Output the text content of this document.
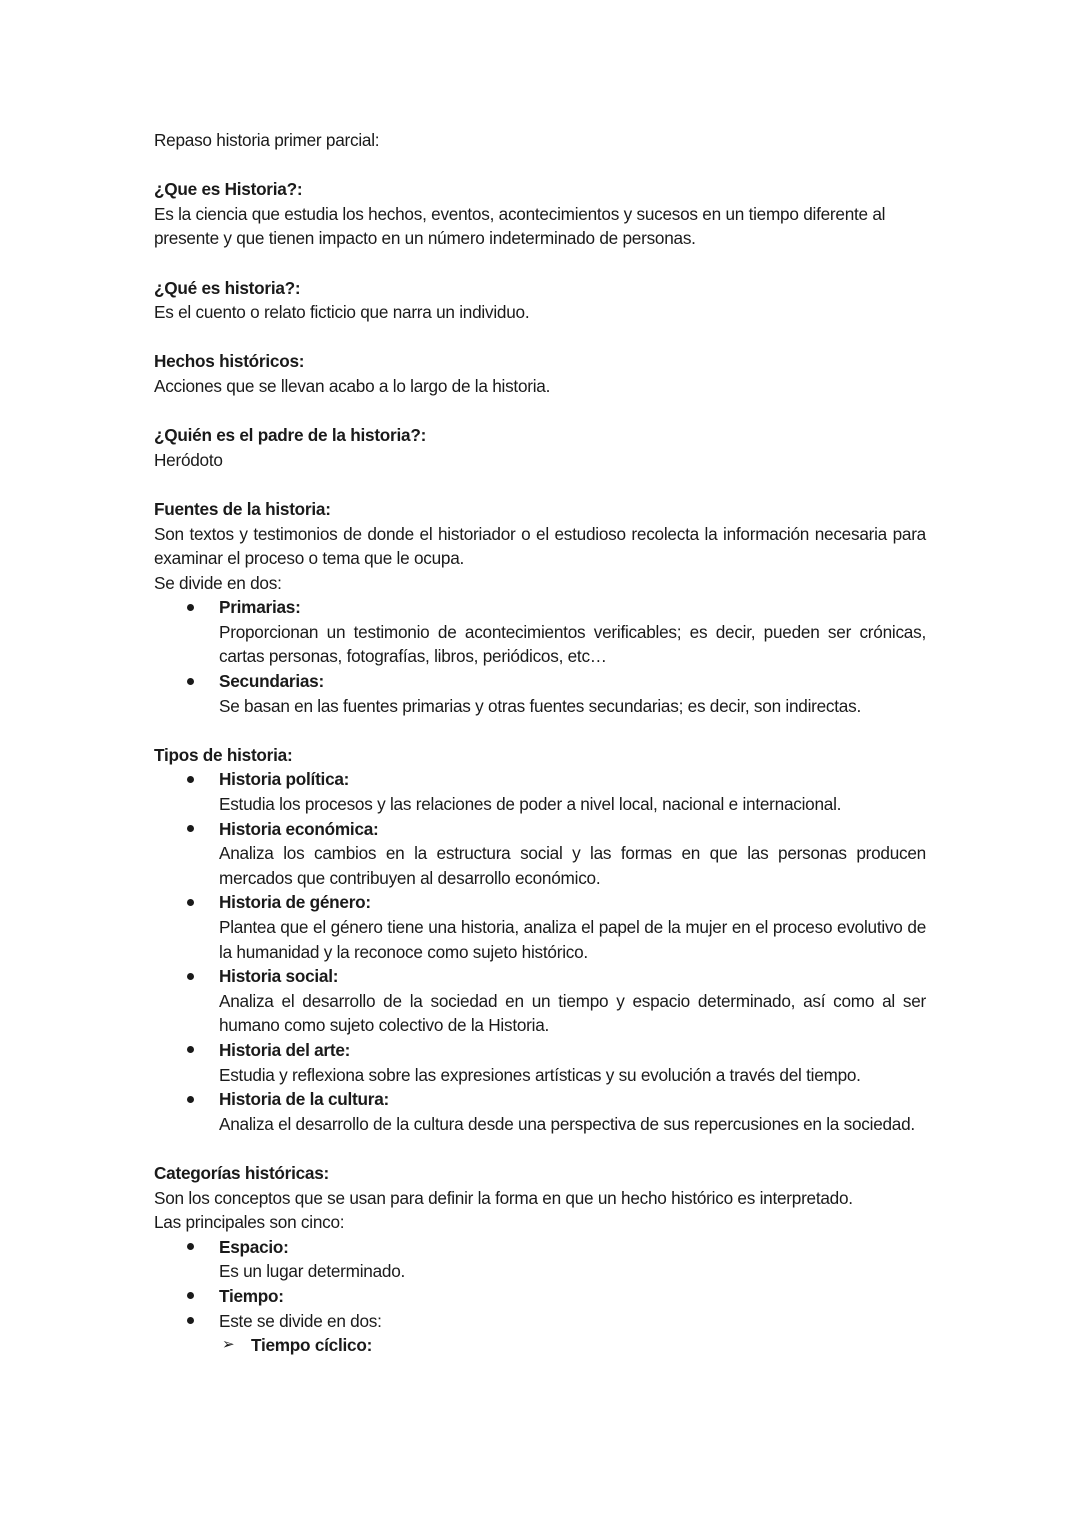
Repaso historia primer parcial:
¿Que es Historia?:
Es la ciencia que estudia los hechos, eventos, acontecimientos y sucesos en un tiempo diferente al presente y que tienen impacto en un número indeterminado de personas.
¿Qué es historia?:
Es el cuento o relato ficticio que narra un individuo.
Hechos históricos:
Acciones que se llevan acabo a lo largo de la historia.
¿Quién es el padre de la historia?:
Heródoto
Fuentes de la historia:
Son textos y testimonios de donde el historiador o el estudioso recolecta la información necesaria para examinar el proceso o tema que le ocupa.
Se divide en dos:
Primarias:
Proporcionan un testimonio de acontecimientos verificables; es decir, pueden ser crónicas, cartas personas, fotografías, libros, periódicos, etc…
Secundarias:
Se basan en las fuentes primarias y otras fuentes secundarias; es decir, son indirectas.
Tipos de historia:
Historia política:
Estudia los procesos y las relaciones de poder a nivel local, nacional e internacional.
Historia económica:
Analiza los cambios en la estructura social y las formas en que las personas producen mercados que contribuyen al desarrollo económico.
Historia de género:
Plantea que el género tiene una historia, analiza el papel de la mujer en el proceso evolutivo de la humanidad y la reconoce como sujeto histórico.
Historia social:
Analiza el desarrollo de la sociedad en un tiempo y espacio determinado, así como al ser humano como sujeto colectivo de la Historia.
Historia del arte:
Estudia y reflexiona sobre las expresiones artísticas y su evolución a través del tiempo.
Historia de la cultura:
Analiza el desarrollo de la cultura desde una perspectiva de sus repercusiones en la sociedad.
Categorías históricas:
Son los conceptos que se usan para definir la forma en que un hecho histórico es interpretado.
Las principales son cinco:
Espacio:
Es un lugar determinado.
Tiempo:
Este se divide en dos:
➢ Tiempo cíclico:
